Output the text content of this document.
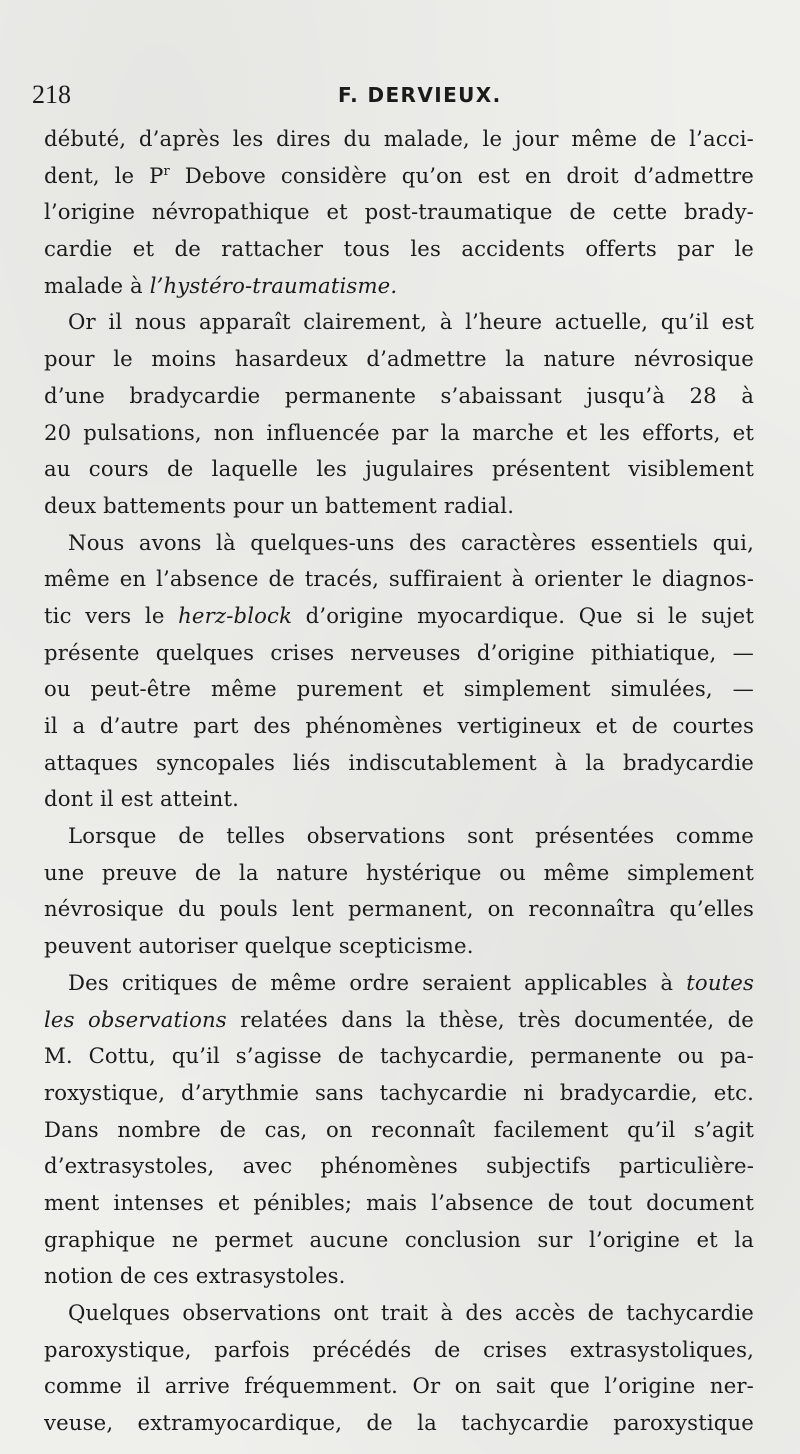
218	F. DERVIEUX.
débuté, d’après les dires du malade, le jour même de l’acci-
dent, le $P^r$ Debove considère qu’on est en droit d’admettre
l’origine névropathique et post-traumatique de cette brady-
cardie et de rattacher tous les accidents offerts par le
malade à l’hystéro-traumatisme.
Or il nous apparaît clairement, à l’heure actuelle, qu’il est
pour le moins hasardeux d’admettre la nature névrosique
d’une bradycardie permanente s’abaissant jusqu’à 28 à
20 pulsations, non influencée par la marche et les efforts, et
au cours de laquelle les jugulaires présentent visiblement
deux battements pour un battement radial.
Nous avons là quelques-uns des caractères essentiels qui,
même en l’absence de tracés, suffiraient à orienter le diagnos-
tic vers le herz-block d’origine myocardique. Que si le sujet
présente quelques crises nerveuses d’origine pithiatique, —
ou peut-être même purement et simplement simulées, —
il a d’autre part des phénomènes vertigineux et de courtes
attaques syncopales liés indiscutablement à la bradycardie
dont il est atteint.
Lorsque de telles observations sont présentées comme
une preuve de la nature hystérique ou même simplement
névrosique du pouls lent permanent, on reconnaîtra qu’elles
peuvent autoriser quelque scepticisme.
Des critiques de même ordre seraient applicables à toutes
les observations relatées dans la thèse, très documentée, de
M. Cottu, qu’il s’agisse de tachycardie, permanente ou pa-
roxystique, d’arythmie sans tachycardie ni bradycardie, etc.
Dans nombre de cas, on reconnaît facilement qu’il s’agit
d’extrasystoles, avec phénomènes subjectifs particulière-
ment intenses et pénibles; mais l’absence de tout document
graphique ne permet aucune conclusion sur l’origine et la
notion de ces extrasystoles.
Quelques observations ont trait à des accès de tachycardie
paroxystique, parfois précédés de crises extrasystoliques,
comme il arrive fréquemment. Or on sait que l’origine ner-
veuse, extramyocardique, de la tachycardie paroxystique
